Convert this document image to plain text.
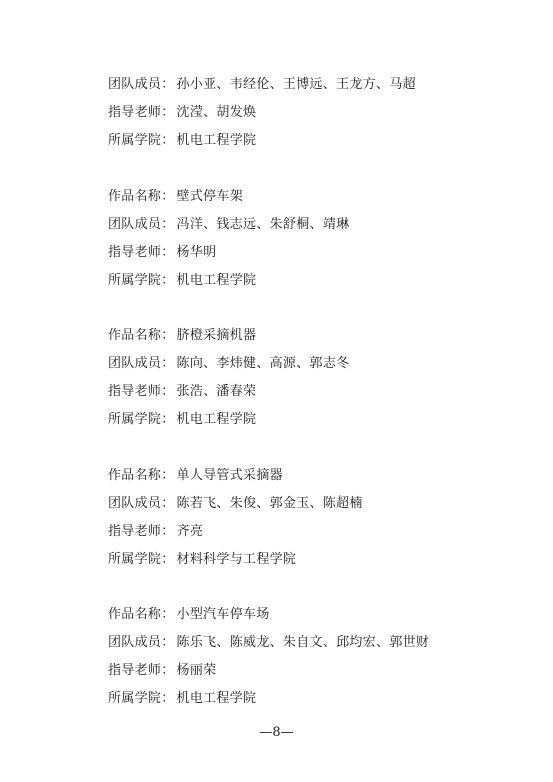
团队成员： 孙小亚、韦经伦、王博远、王龙方、马超
指导老师： 沈滢、胡发焕
所属学院： 机电工程学院
作品名称： 壁式停车架
团队成员： 冯洋、钱志远、朱舒桐、靖琳
指导老师： 杨华明
所属学院： 机电工程学院
作品名称： 脐橙采摘机器
团队成员： 陈向、李炜健、高源、郭志冬
指导老师： 张浩、潘春荣
所属学院： 机电工程学院
作品名称： 单人导管式采摘器
团队成员： 陈若飞、朱俊、郭金玉、陈超楠
指导老师： 齐亮
所属学院： 材料科学与工程学院
作品名称： 小型汽车停车场
团队成员： 陈乐飞、陈威龙、朱自文、邱均宏、郭世财
指导老师： 杨丽荣
所属学院： 机电工程学院
—8—
